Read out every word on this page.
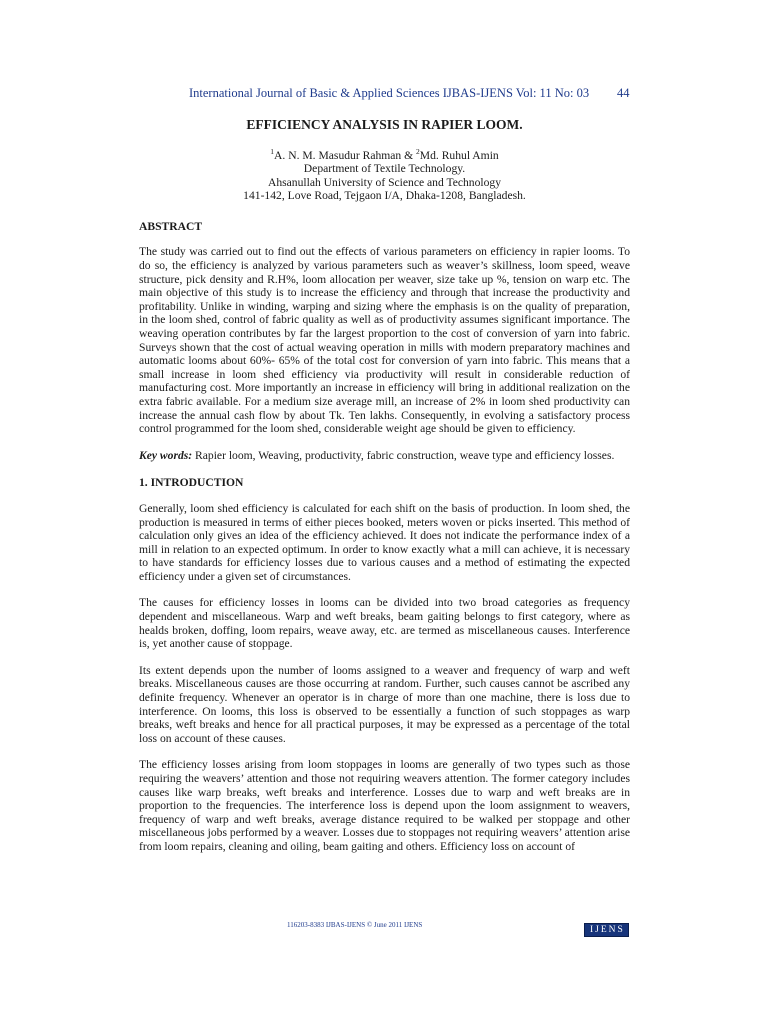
International Journal of Basic & Applied Sciences IJBAS-IJENS Vol: 11 No: 03 44
EFFICIENCY ANALYSIS IN RAPIER LOOM.
$^1$A. N. M. Masudur Rahman & $^2$Md. Ruhul Amin
Department of Textile Technology.
Ahsanullah University of Science and Technology
141-142, Love Road, Tejgaon I/A, Dhaka-1208, Bangladesh.
ABSTRACT

The study was carried out to find out the effects of various parameters on efficiency in rapier looms. To do so, the efficiency is analyzed by various parameters such as weaver’s skillness, loom speed, weave structure, pick density and R.H%, loom allocation per weaver, size take up %, tension on warp etc. The main objective of this study is to increase the efficiency and through that increase the productivity and profitability. Unlike in winding, warping and sizing where the emphasis is on the quality of preparation, in the loom shed, control of fabric quality as well as of productivity assumes significant importance. The weaving operation contributes by far the largest proportion to the cost of conversion of yarn into fabric. Surveys shown that the cost of actual weaving operation in mills with modern preparatory machines and automatic looms about 60%- 65% of the total cost for conversion of yarn into fabric. This means that a small increase in loom shed efficiency via productivity will result in considerable reduction of manufacturing cost. More importantly an increase in efficiency will bring in additional realization on the extra fabric available. For a medium size average mill, an increase of 2% in loom shed productivity can increase the annual cash flow by about Tk. Ten lakhs. Consequently, in evolving a satisfactory process control programmed for the loom shed, considerable weight age should be given to efficiency.

Key words: Rapier loom, Weaving, productivity, fabric construction, weave type and efficiency losses.
1. INTRODUCTION

Generally, loom shed efficiency is calculated for each shift on the basis of production. In loom shed, the production is measured in terms of either pieces booked, meters woven or picks inserted. This method of calculation only gives an idea of the efficiency achieved. It does not indicate the performance index of a mill in relation to an expected optimum. In order to know exactly what a mill can achieve, it is necessary to have standards for efficiency losses due to various causes and a method of estimating the expected efficiency under a given set of circumstances.

The causes for efficiency losses in looms can be divided into two broad categories as frequency dependent and miscellaneous. Warp and weft breaks, beam gaiting belongs to first category, where as healds broken, doffing, loom repairs, weave away, etc. are termed as miscellaneous causes. Interference is, yet another cause of stoppage.

Its extent depends upon the number of looms assigned to a weaver and frequency of warp and weft breaks. Miscellaneous causes are those occurring at random. Further, such causes cannot be ascribed any definite frequency. Whenever an operator is in charge of more than one machine, there is loss due to interference. On looms, this loss is observed to be essentially a function of such stoppages as warp breaks, weft breaks and hence for all practical purposes, it may be expressed as a percentage of the total loss on account of these causes.

The efficiency losses arising from loom stoppages in looms are generally of two types such as those requiring the weavers’ attention and those not requiring weavers attention. The former category includes causes like warp breaks, weft breaks and interference. Losses due to warp and weft breaks are in proportion to the frequencies. The interference loss is depend upon the loom assignment to weavers, frequency of warp and weft breaks, average distance required to be walked per stoppage and other miscellaneous jobs performed by a weaver. Losses due to stoppages not requiring weavers’ attention arise from loom repairs, cleaning and oiling, beam gaiting and others. Efficiency loss on account of

116203-8383 IJBAS-IJENS © June 2011 IJENS	IJENS
